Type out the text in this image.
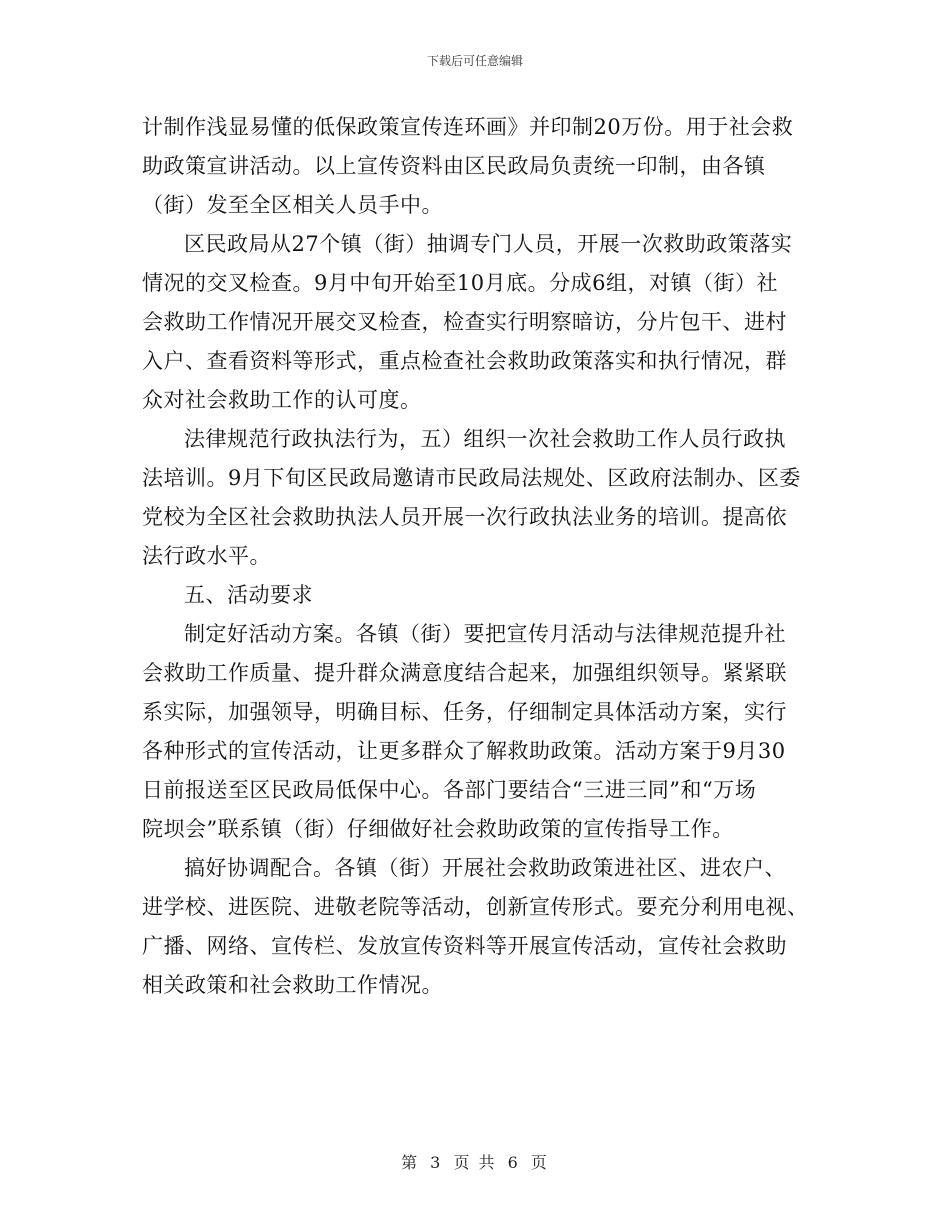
下载后可任意编辑
计制作浅显易懂的低保政策宣传连环画》并印制20万份。用于社会救
助政策宣讲活动。以上宣传资料由区民政局负责统一印制，由各镇
（街）发至全区相关人员手中。
区民政局从27个镇（街）抽调专门人员，开展一次救助政策落实
情况的交叉检查。9月中旬开始至10月底。分成6组，对镇（街）社
会救助工作情况开展交叉检查，检查实行明察暗访，分片包干、进村
入户、查看资料等形式，重点检查社会救助政策落实和执行情况，群
众对社会救助工作的认可度。
法律规范行政执法行为，五）组织一次社会救助工作人员行政执
法培训。9月下旬区民政局邀请市民政局法规处、区政府法制办、区委
党校为全区社会救助执法人员开展一次行政执法业务的培训。提高依
法行政水平。
五、活动要求
制定好活动方案。各镇（街）要把宣传月活动与法律规范提升社
会救助工作质量、提升群众满意度结合起来，加强组织领导。紧紧联
系实际，加强领导，明确目标、任务，仔细制定具体活动方案，实行
各种形式的宣传活动，让更多群众了解救助政策。活动方案于9月30
日前报送至区民政局低保中心。各部门要结合“三进三同”和“万场
院坝会”联系镇（街）仔细做好社会救助政策的宣传指导工作。
搞好协调配合。各镇（街）开展社会救助政策进社区、进农户、
进学校、进医院、进敬老院等活动，创新宣传形式。要充分利用电视、
广播、网络、宣传栏、发放宣传资料等开展宣传活动，宣传社会救助
相关政策和社会救助工作情况。
第 3 页 共 6 页
